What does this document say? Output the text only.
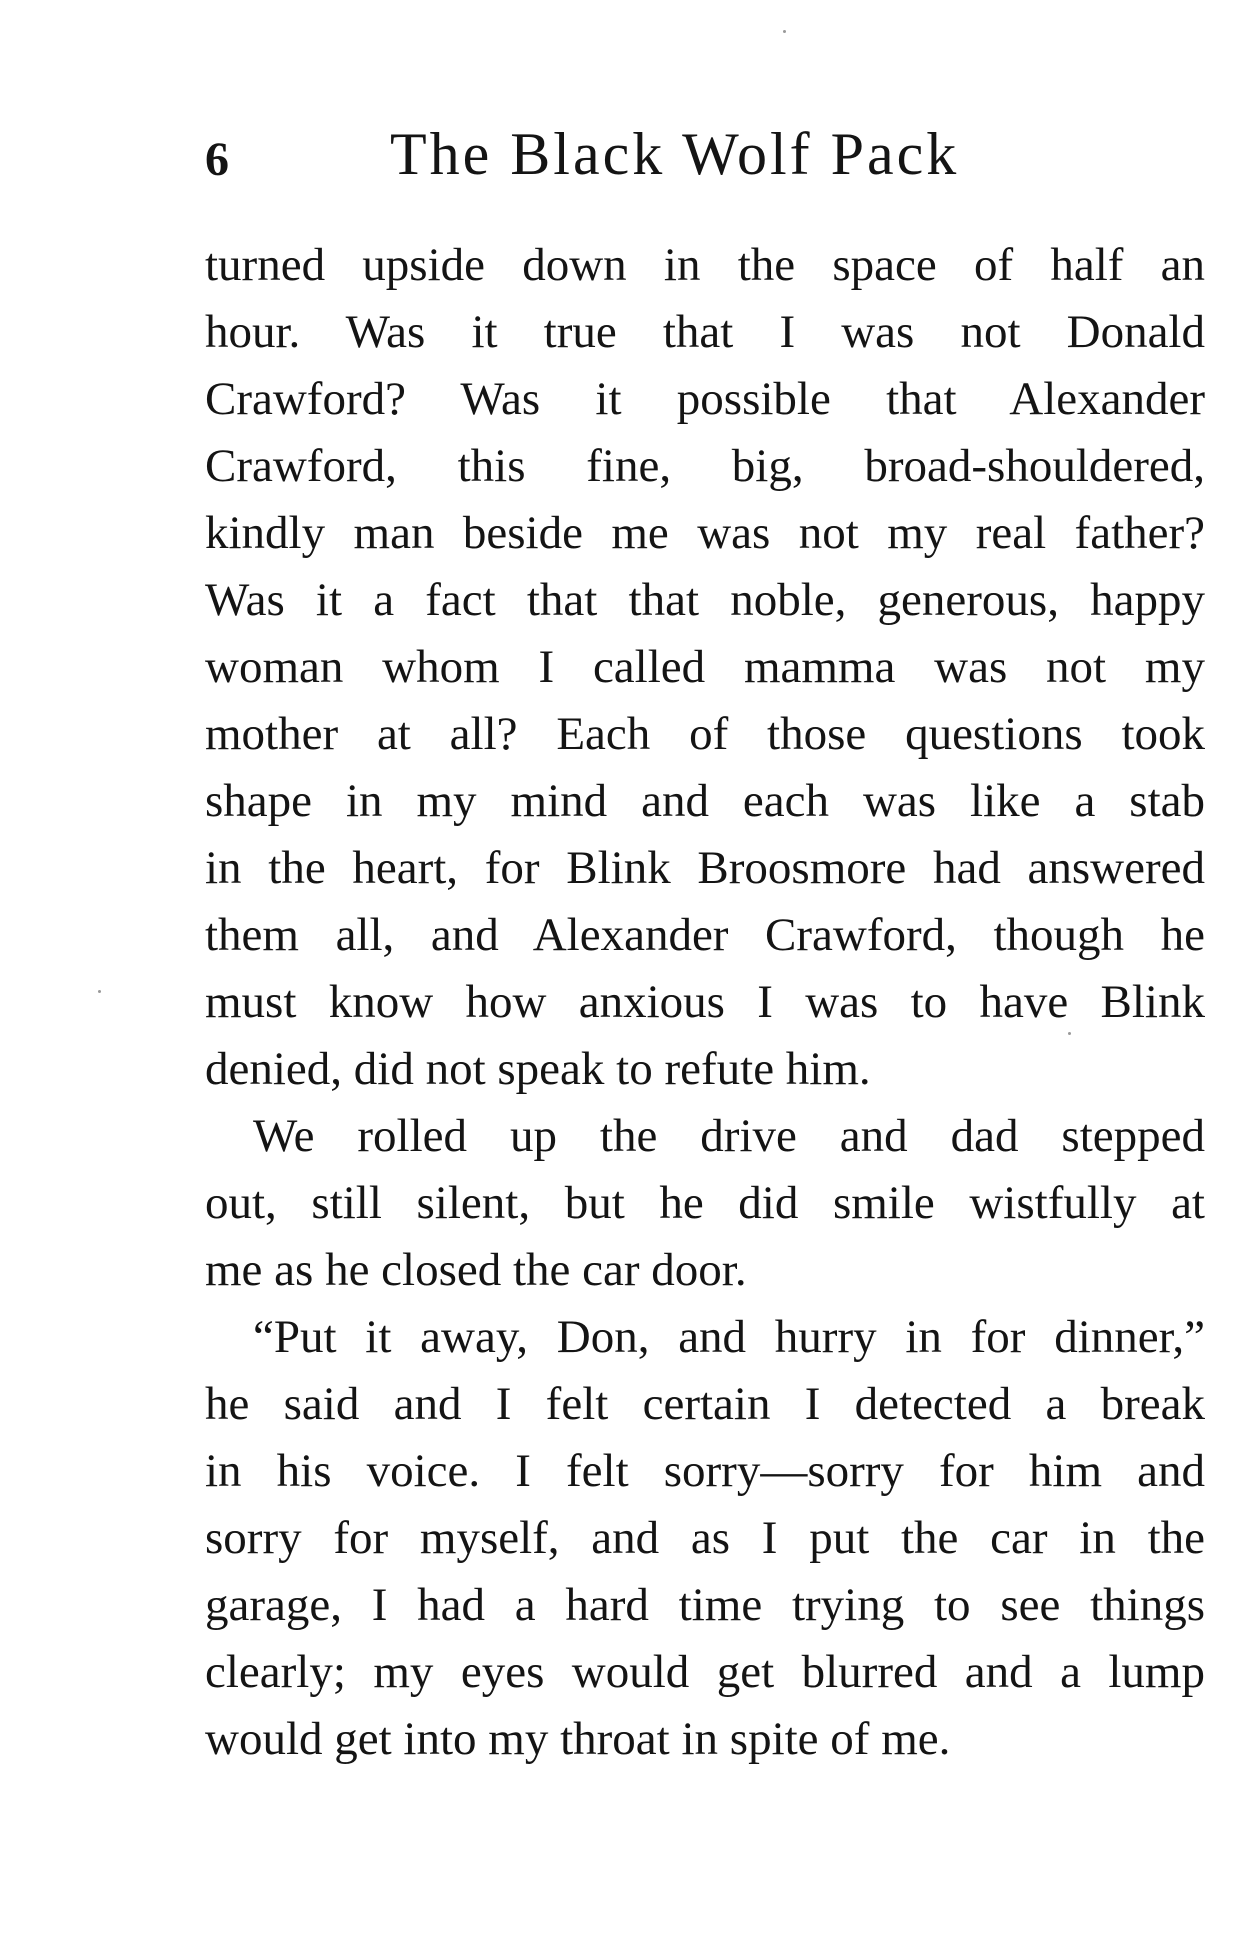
6	The Black Wolf Pack
turned upside down in the space of half an
hour. Was it true that I was not Donald
Crawford? Was it possible that Alexander
Crawford, this fine, big, broad-shouldered,
kindly man beside me was not my real father?
Was it a fact that that noble, generous, happy
woman whom I called mamma was not my
mother at all? Each of those questions took
shape in my mind and each was like a stab
in the heart, for Blink Broosmore had answered
them all, and Alexander Crawford, though he
must know how anxious I was to have Blink
denied, did not speak to refute him.
We rolled up the drive and dad stepped
out, still silent, but he did smile wistfully at
me as he closed the car door.
“Put it away, Don, and hurry in for dinner,”
he said and I felt certain I detected a break
in his voice. I felt sorry—sorry for him and
sorry for myself, and as I put the car in the
garage, I had a hard time trying to see things
clearly; my eyes would get blurred and a lump
would get into my throat in spite of me.
